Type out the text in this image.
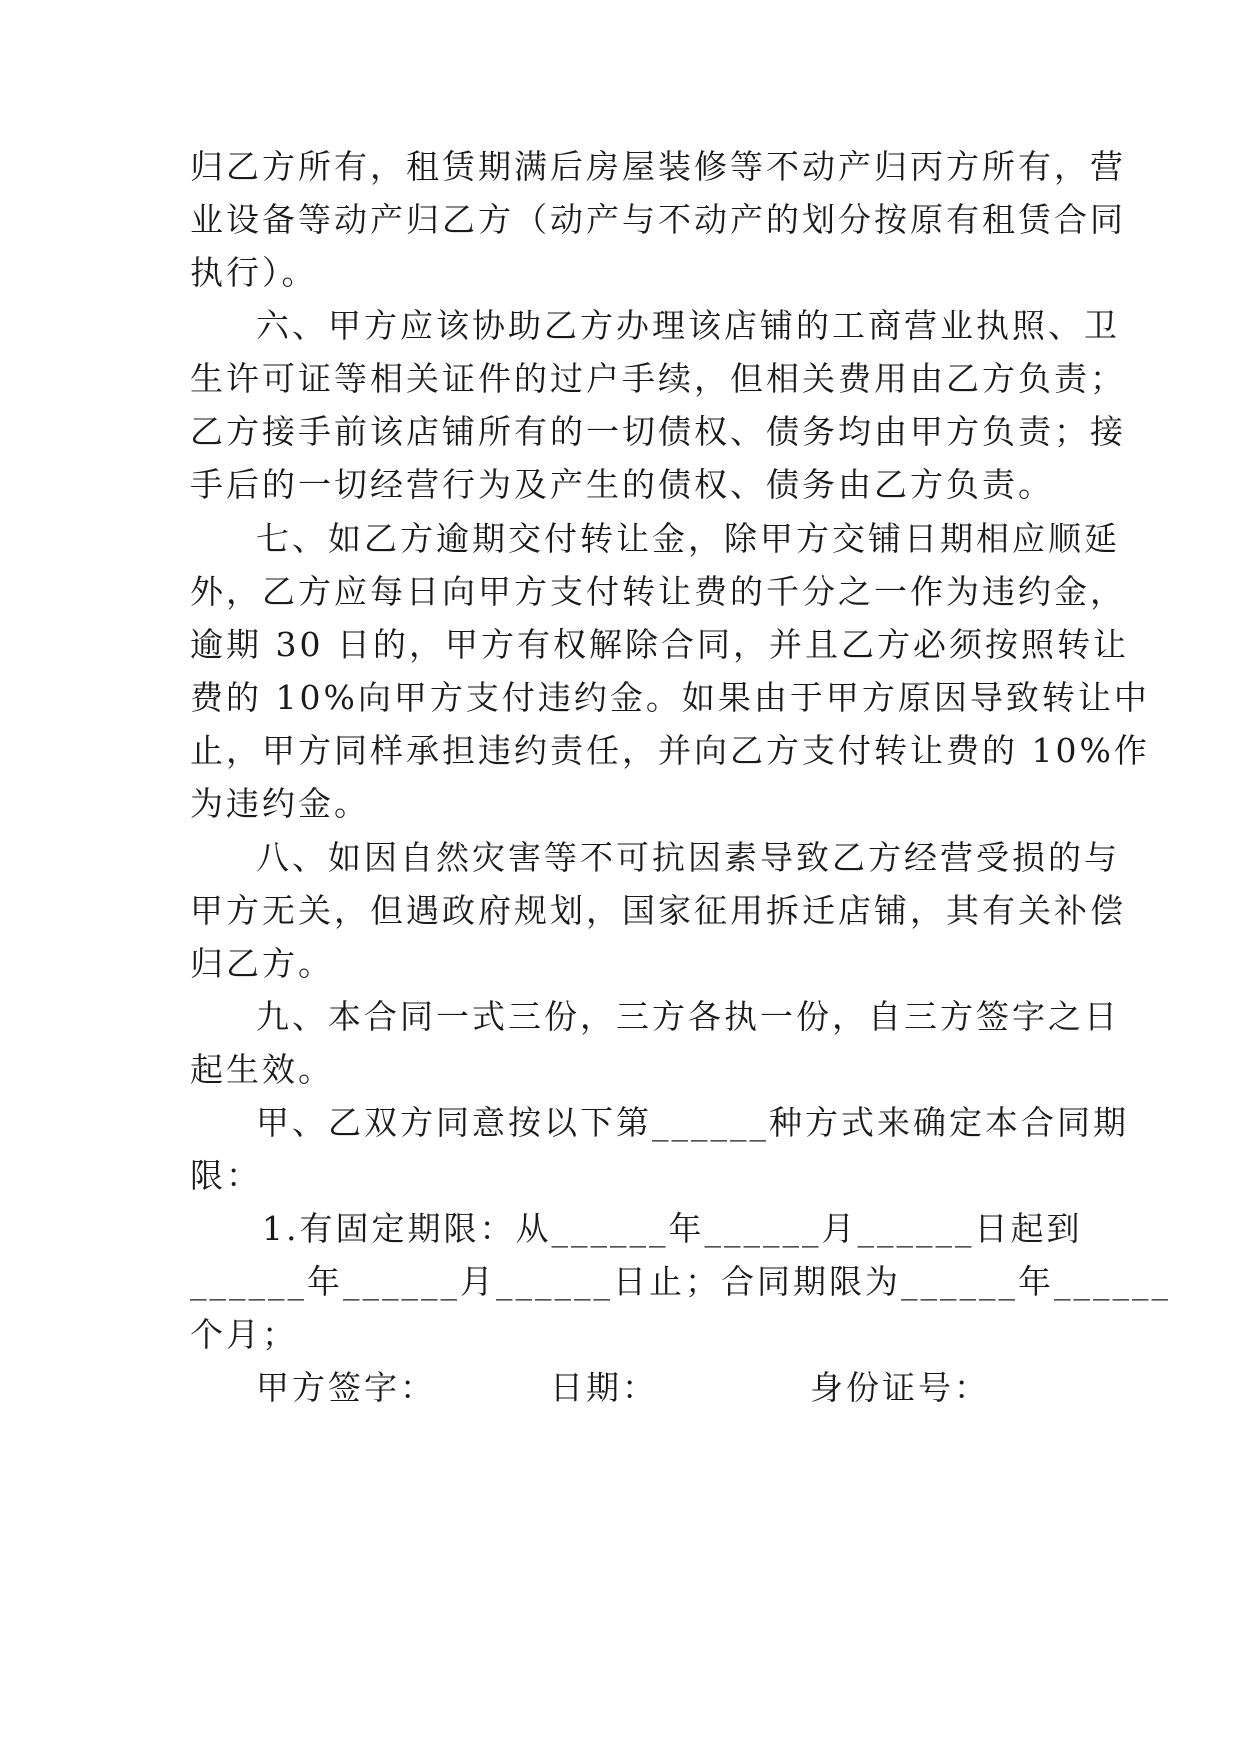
归乙方所有，租赁期满后房屋装修等不动产归丙方所有，营
业设备等动产归乙方（动产与不动产的划分按原有租赁合同
执行）。
六、甲方应该协助乙方办理该店铺的工商营业执照、卫
生许可证等相关证件的过户手续，但相关费用由乙方负责；
乙方接手前该店铺所有的一切债权、债务均由甲方负责；接
手后的一切经营行为及产生的债权、债务由乙方负责。
七、如乙方逾期交付转让金，除甲方交铺日期相应顺延
外，乙方应每日向甲方支付转让费的千分之一作为违约金，
逾期 30 日的，甲方有权解除合同，并且乙方必须按照转让
费的 10%向甲方支付违约金。如果由于甲方原因导致转让中
止，甲方同样承担违约责任，并向乙方支付转让费的 10%作
为违约金。
八、如因自然灾害等不可抗因素导致乙方经营受损的与
甲方无关，但遇政府规划，国家征用拆迁店铺，其有关补偿
归乙方。
九、本合同一式三份，三方各执一份，自三方签字之日
起生效。
甲、乙双方同意按以下第______种方式来确定本合同期
限：
1.有固定期限：从______年______月______日起到
______年______月______日止；合同期限为______年______
个月；
甲方签字：	日期：	身份证号：
